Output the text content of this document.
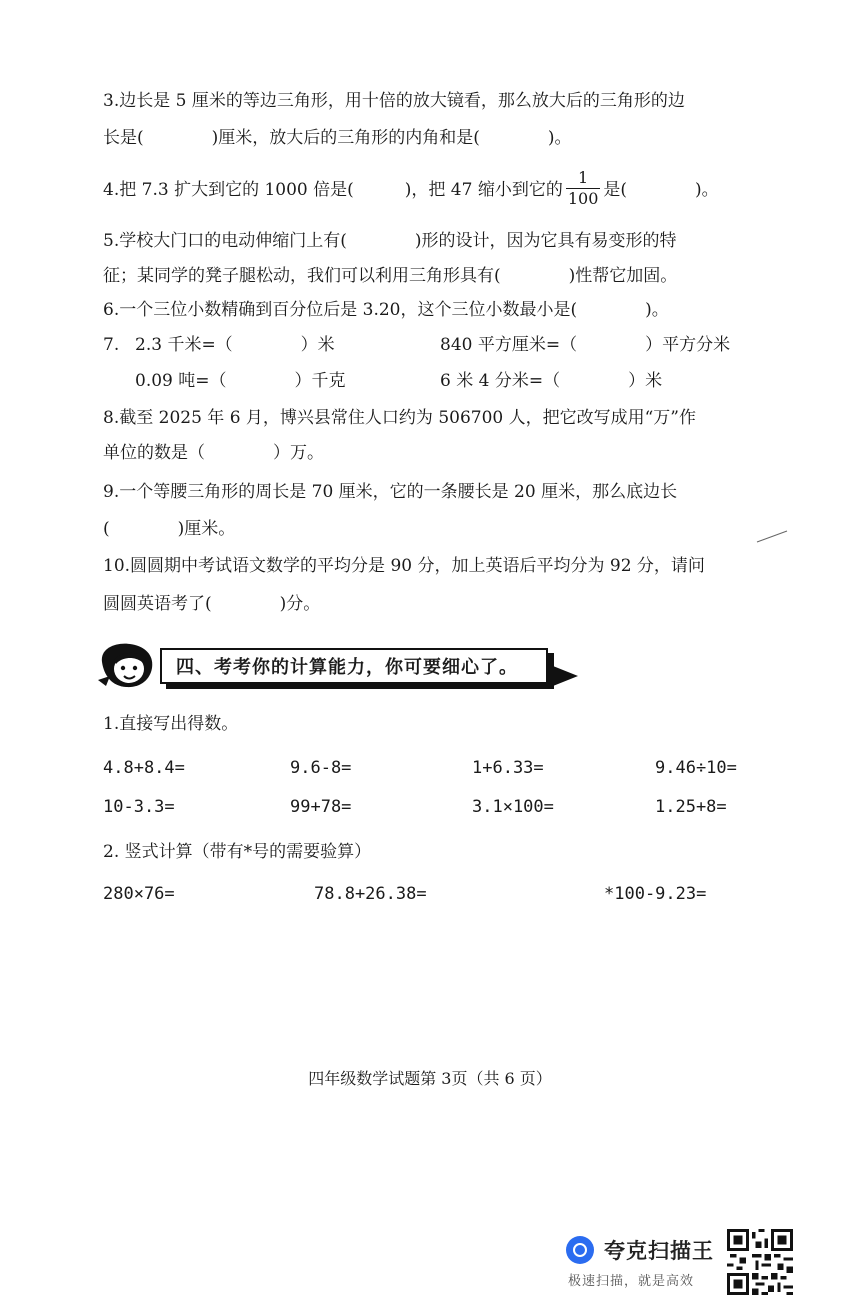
3.边长是 5 厘米的等边三角形，用十倍的放大镜看，那么放大后的三角形的边
长是(　　　　)厘米，放大后的三角形的内角和是(　　　　)。
4.把 7.3 扩大到它的 1000 倍是(　　　)，把 47 缩小到它的 $\frac{1}{100}$ 是(　　　　)。
5.学校大门口的电动伸缩门上有(　　　　)形的设计，因为它具有易变形的特
征；某同学的凳子腿松动，我们可以利用三角形具有(　　　　)性帮它加固。
6.一个三位小数精确到百分位后是 3.20，这个三位小数最小是(　　　　)。
7. 2.3 千米=（　　　　）米	840 平方厘米=（　　　　）平方分米
0.09 吨=（　　　　）千克	6 米 4 分米=（　　　　）米
8.截至 2025 年 6 月，博兴县常住人口约为 506700 人，把它改写成用“万”作
单位的数是（　　　　）万。
9.一个等腰三角形的周长是 70 厘米，它的一条腰长是 20 厘米，那么底边长
(　　　　)厘米。
10.圆圆期中考试语文数学的平均分是 90 分，加上英语后平均分为 92 分，请问
圆圆英语考了(　　　　)分。
四、考考你的计算能力，你可要细心了。
1.直接写出得数。
4.8+8.4=	9.6-8=	1+6.33=	9.46÷10=
10-3.3=	99+78=	3.1×100=	1.25+8=
2. 竖式计算（带有*号的需要验算）
280×76=	78.8+26.38=	*100-9.23=
四年级数学试题第 3页（共 6 页）
夸克扫描王
极速扫描，就是高效
